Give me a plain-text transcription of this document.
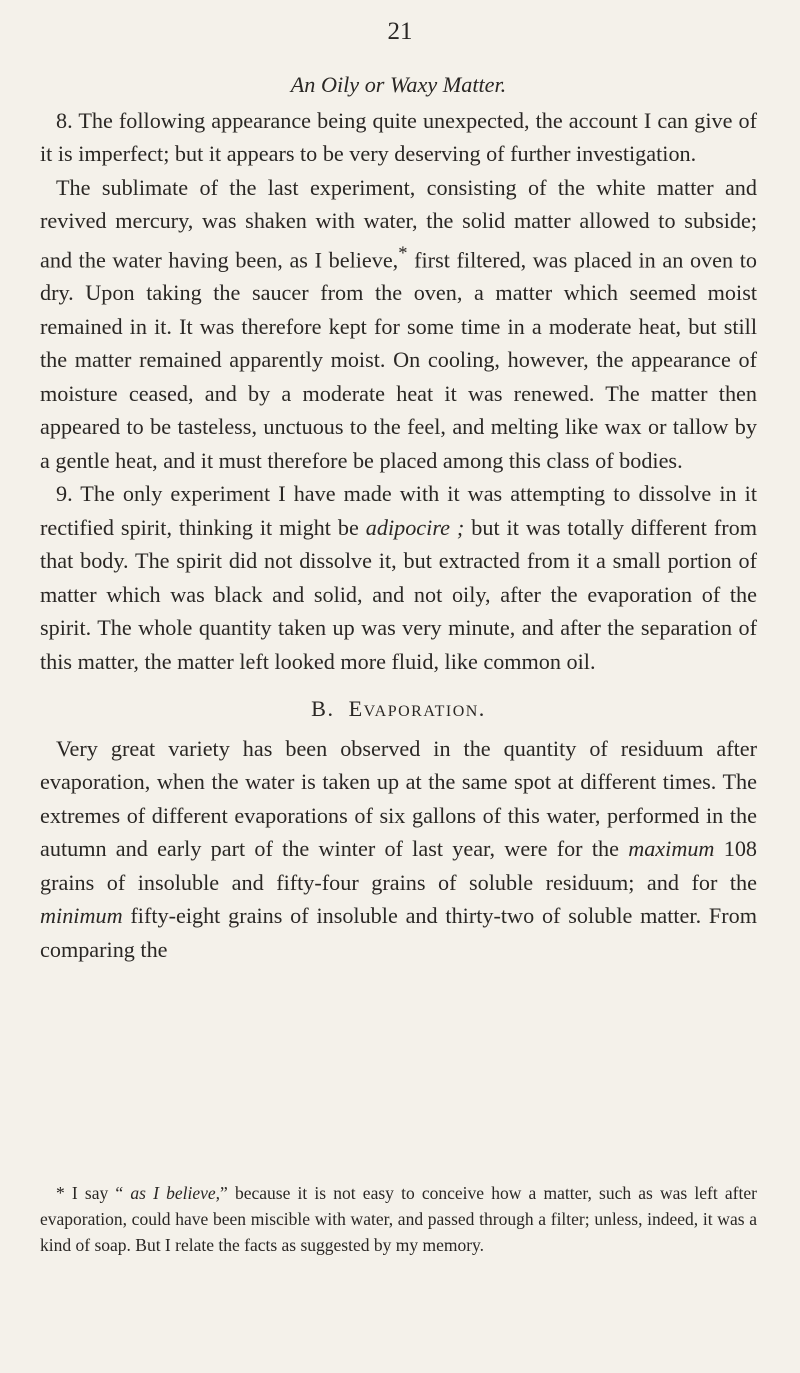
21

An Oily or Waxy Matter.

8. The following appearance being quite unexpected, the account I can give of it is imperfect; but it appears to be very deserving of further investigation.

The sublimate of the last experiment, consisting of the white matter and revived mercury, was shaken with water, the solid matter allowed to subside; and the water having been, as I believe,* first filtered, was placed in an oven to dry. Upon taking the saucer from the oven, a matter which seemed moist remained in it. It was therefore kept for some time in a moderate heat, but still the matter remained apparently moist. On cooling, however, the appearance of moisture ceased, and by a moderate heat it was renewed. The matter then appeared to be tasteless, unctuous to the feel, and melting like wax or tallow by a gentle heat, and it must therefore be placed among this class of bodies.

9. The only experiment I have made with it was attempting to dissolve in it rectified spirit, thinking it might be adipocire ; but it was totally different from that body. The spirit did not dissolve it, but extracted from it a small portion of matter which was black and solid, and not oily, after the evaporation of the spirit. The whole quantity taken up was very minute, and after the separation of this matter, the matter left looked more fluid, like common oil.

B. Evaporation.

Very great variety has been observed in the quantity of residuum after evaporation, when the water is taken up at the same spot at different times. The extremes of different evaporations of six gallons of this water, performed in the autumn and early part of the winter of last year, were for the maximum 108 grains of insoluble and fifty-four grains of soluble residuum; and for the minimum fifty-eight grains of insoluble and thirty-two of soluble matter. From comparing the

* I say “ as I believe,” because it is not easy to conceive how a matter, such as was left after evaporation, could have been miscible with water, and passed through a filter; unless, indeed, it was a kind of soap. But I relate the facts as suggested by my memory.
